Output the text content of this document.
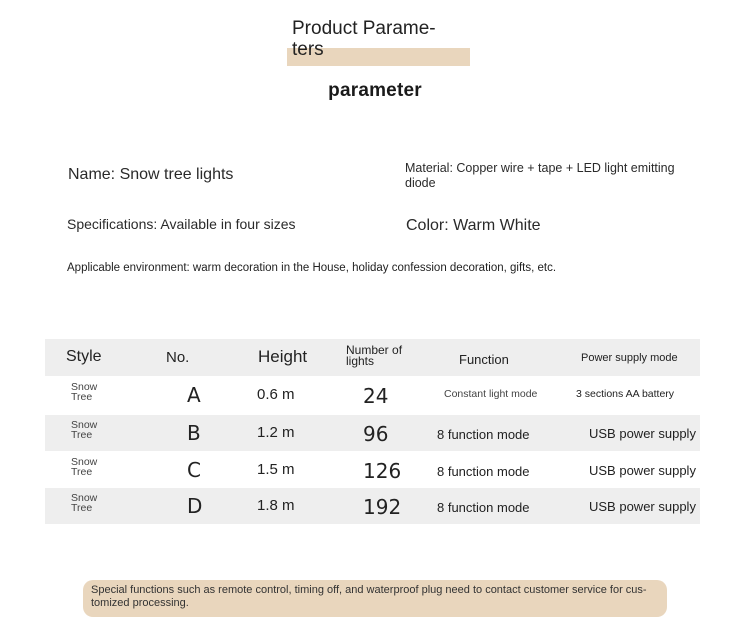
Product Parame- ters
parameter
Name: Snow tree lights	Material: Copper wire + tape + LED light emitting diode
Specifications: Available in four sizes	Color: Warm White
Applicable environment: warm decoration in the House, holiday confession decoration, gifts, etc.
Style	No.	Height	Number of lights	Function	Power supply mode
Snow Tree	A	0.6 m	24	Constant light mode	3 sections AA battery
Snow Tree	B	1.2 m	96	8 function mode	USB power supply
Snow Tree	C	1.5 m	126	8 function mode	USB power supply
Snow Tree	D	1.8 m	192	8 function mode	USB power supply
Special functions such as remote control, timing off, and waterproof plug need to contact customer service for cus- tomized processing.
